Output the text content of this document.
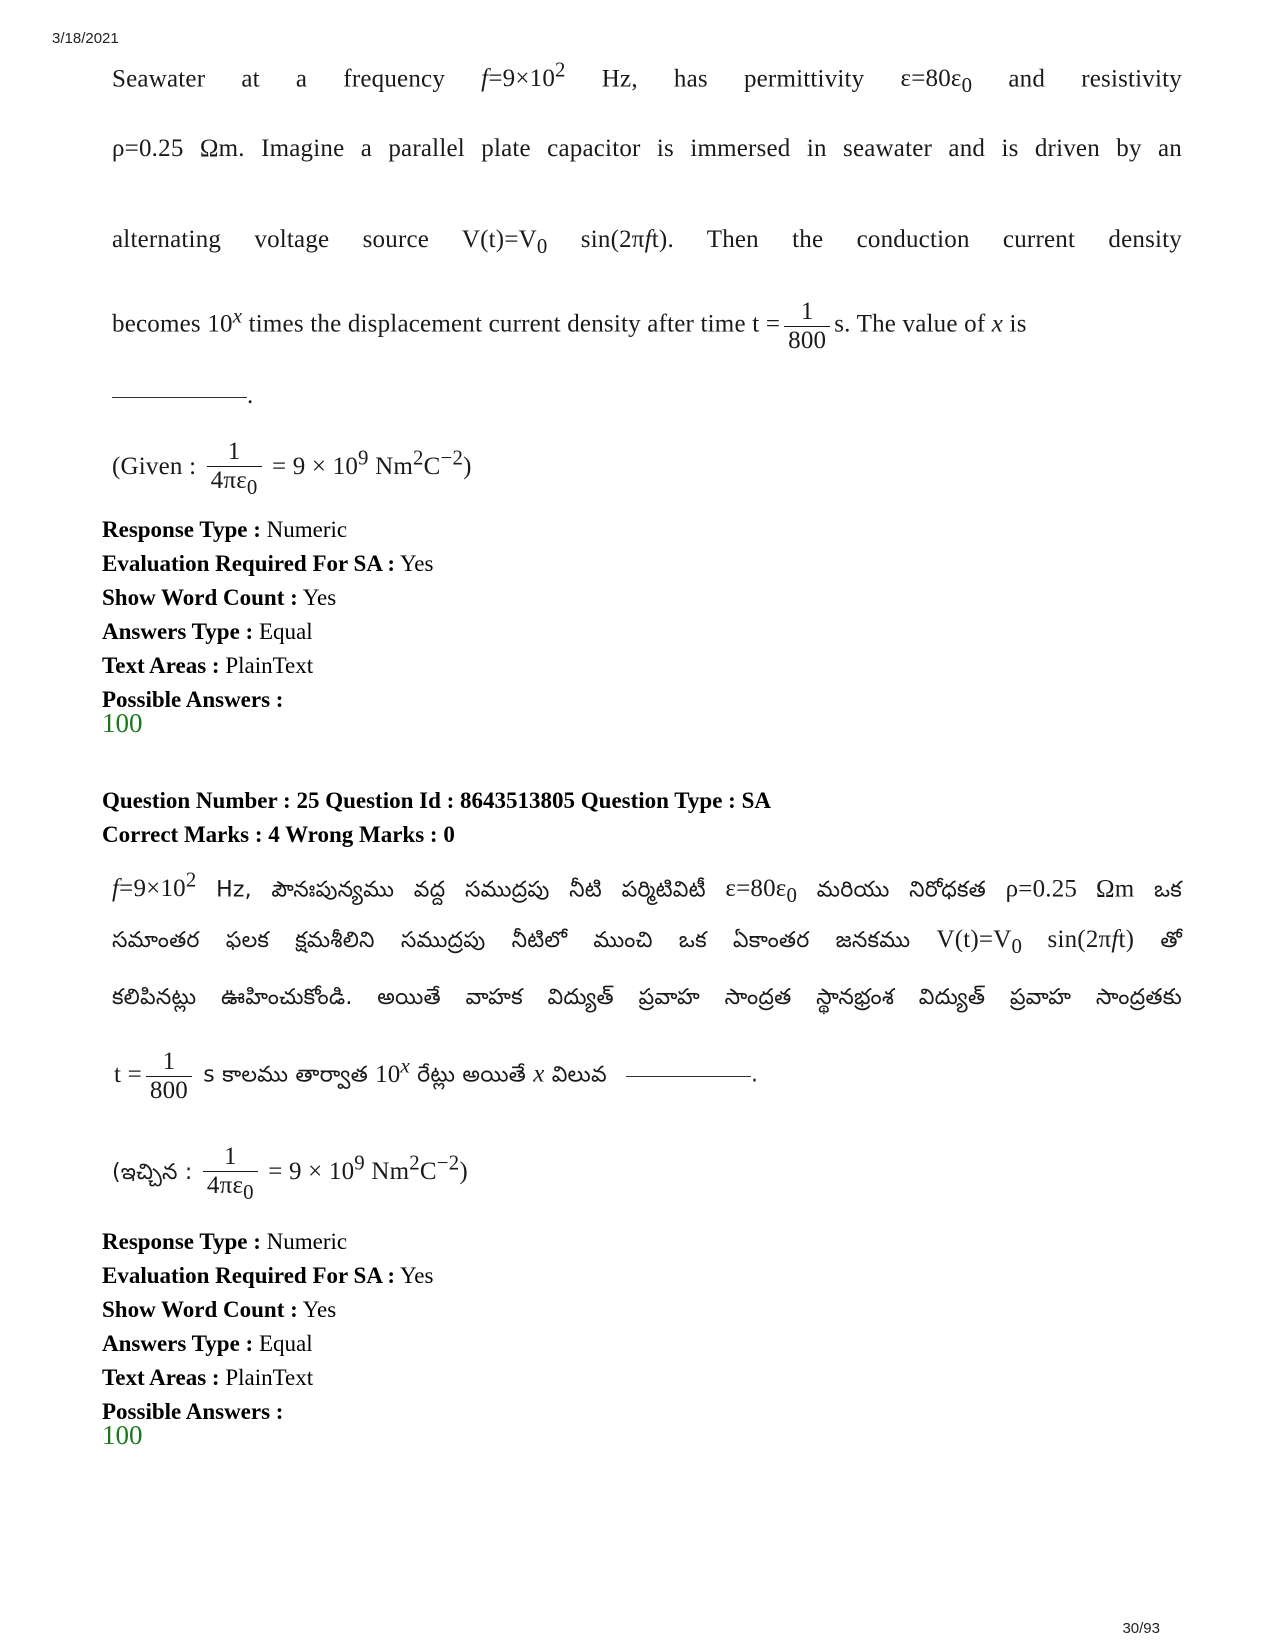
3/18/2021
30/93
Seawater at a frequency $f=9\times 10^2$ Hz, has permittivity $\varepsilon=80\varepsilon_0$ and resistivity
ρ=0.25 Ωm. Imagine a parallel plate capacitor is immersed in seawater and is driven by an
alternating voltage source $V(t)=V_0$ sin(2πft). Then the conduction current density
becomes 10$^x$ times the displacement current density after time $t = \frac{1}{800} s$. The value of x is
.
(Given : $\frac{1}{4\pi\varepsilon_0} = 9 \times 10^9$ $Nm^2C^{-2}$)
Response Type : Numeric
Evaluation Required For SA : Yes
Show Word Count : Yes
Answers Type : Equal
Text Areas : PlainText
Possible Answers :
100
Question Number : 25 Question Id : 8643513805 Question Type : SA
Correct Marks : 4 Wrong Marks : 0
$f=9\times 10^2$ Hz, పౌనఃపున్యము వద్ద సముద్రపు నీటి పర్మిటివిటీ $\varepsilon=80\varepsilon_0$ మరియు నిరోధకత ρ=0.25 Ωm ఒక
సమాంతర ఫలక క్షమశీలిని సముద్రపు నీటిలో ముంచి ఒక ఏకాంతర జనకము $V(t)=V_0$ sin(2πft) తో
కలిపినట్లు ఊహించుకోండి. అయితే వాహక విద్యుత్ ప్రవాహ సాంద్రత స్థానభ్రంశ విద్యుత్ ప్రవాహ సాంద్రతకు
$t = \frac{1}{800}$ s కాలము తార్వాత 10$^x$ రేట్లు అయితే x విలువ	.
(ఇచ్చిన : $\frac{1}{4\pi\varepsilon_0} = 9 \times 10^9$ $Nm^2C^{-2}$)
Response Type : Numeric
Evaluation Required For SA : Yes
Show Word Count : Yes
Answers Type : Equal
Text Areas : PlainText
Possible Answers :
100
